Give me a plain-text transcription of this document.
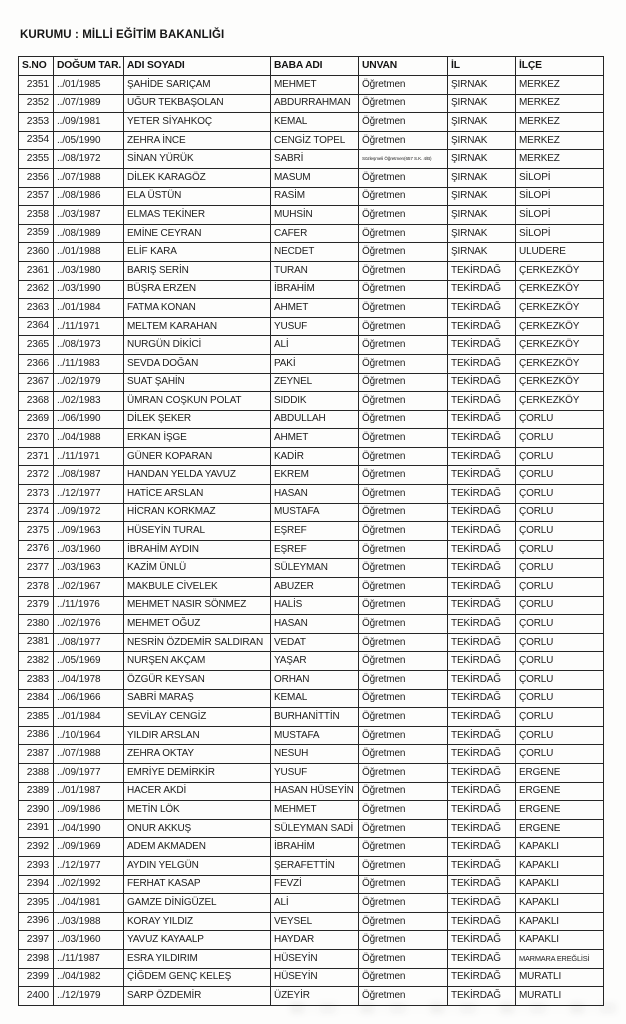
KURUMU : MİLLİ EĞİTİM BAKANLIĞI
S.NO	DOĞUM TAR.	ADI SOYADI	BABA ADI	UNVAN	İL	İLÇE
2351	../01/1985	ŞAHİDE SARIÇAM	MEHMET	Öğretmen	ŞIRNAK	MERKEZ
2352	../07/1989	UĞUR TEKBAŞOLAN	ABDURRAHMAN	Öğretmen	ŞIRNAK	MERKEZ
2353	../09/1981	YETER SİYAHKOÇ	KEMAL	Öğretmen	ŞIRNAK	MERKEZ
2354	../05/1990	ZEHRA İNCE	CENGİZ TOPEL	Öğretmen	ŞIRNAK	MERKEZ
2355	../08/1972	SİNAN YÜRÜK	SABRİ	Sözleşmeli Öğretmen(657 S.K. 4/B)	ŞIRNAK	MERKEZ
2356	../07/1988	DİLEK KARAGÖZ	MASUM	Öğretmen	ŞIRNAK	SİLOPİ
2357	../08/1986	ELA ÜSTÜN	RASİM	Öğretmen	ŞIRNAK	SİLOPİ
2358	../03/1987	ELMAS TEKİNER	MUHSİN	Öğretmen	ŞIRNAK	SİLOPİ
2359	../08/1989	EMİNE CEYRAN	CAFER	Öğretmen	ŞIRNAK	SİLOPİ
2360	../01/1988	ELİF KARA	NECDET	Öğretmen	ŞIRNAK	ULUDERE
2361	../03/1980	BARIŞ SERİN	TURAN	Öğretmen	TEKİRDAĞ	ÇERKEZKÖY
2362	../03/1990	BÜŞRA ERZEN	İBRAHİM	Öğretmen	TEKİRDAĞ	ÇERKEZKÖY
2363	../01/1984	FATMA KONAN	AHMET	Öğretmen	TEKİRDAĞ	ÇERKEZKÖY
2364	../11/1971	MELTEM KARAHAN	YUSUF	Öğretmen	TEKİRDAĞ	ÇERKEZKÖY
2365	../08/1973	NURGÜN DİKİCİ	ALİ	Öğretmen	TEKİRDAĞ	ÇERKEZKÖY
2366	../11/1983	SEVDA DOĞAN	PAKİ	Öğretmen	TEKİRDAĞ	ÇERKEZKÖY
2367	../02/1979	SUAT ŞAHİN	ZEYNEL	Öğretmen	TEKİRDAĞ	ÇERKEZKÖY
2368	../02/1983	ÜMRAN COŞKUN POLAT	SIDDIK	Öğretmen	TEKİRDAĞ	ÇERKEZKÖY
2369	../06/1990	DİLEK ŞEKER	ABDULLAH	Öğretmen	TEKİRDAĞ	ÇORLU
2370	../04/1988	ERKAN İŞGE	AHMET	Öğretmen	TEKİRDAĞ	ÇORLU
2371	../11/1971	GÜNER KOPARAN	KADİR	Öğretmen	TEKİRDAĞ	ÇORLU
2372	../08/1987	HANDAN YELDA YAVUZ	EKREM	Öğretmen	TEKİRDAĞ	ÇORLU
2373	../12/1977	HATİCE ARSLAN	HASAN	Öğretmen	TEKİRDAĞ	ÇORLU
2374	../09/1972	HİCRAN KORKMAZ	MUSTAFA	Öğretmen	TEKİRDAĞ	ÇORLU
2375	../09/1963	HÜSEYİN TURAL	EŞREF	Öğretmen	TEKİRDAĞ	ÇORLU
2376	../03/1960	İBRAHİM AYDIN	EŞREF	Öğretmen	TEKİRDAĞ	ÇORLU
2377	../03/1963	KAZİM ÜNLÜ	SÜLEYMAN	Öğretmen	TEKİRDAĞ	ÇORLU
2378	../02/1967	MAKBULE CİVELEK	ABUZER	Öğretmen	TEKİRDAĞ	ÇORLU
2379	../11/1976	MEHMET NASIR SÖNMEZ	HALİS	Öğretmen	TEKİRDAĞ	ÇORLU
2380	../02/1976	MEHMET OĞUZ	HASAN	Öğretmen	TEKİRDAĞ	ÇORLU
2381	../08/1977	NESRİN ÖZDEMİR SALDIRAN	VEDAT	Öğretmen	TEKİRDAĞ	ÇORLU
2382	../05/1969	NURŞEN AKÇAM	YAŞAR	Öğretmen	TEKİRDAĞ	ÇORLU
2383	../04/1978	ÖZGÜR KEYSAN	ORHAN	Öğretmen	TEKİRDAĞ	ÇORLU
2384	../06/1966	SABRİ MARAŞ	KEMAL	Öğretmen	TEKİRDAĞ	ÇORLU
2385	../01/1984	SEVİLAY CENGİZ	BURHANİTTİN	Öğretmen	TEKİRDAĞ	ÇORLU
2386	../10/1964	YILDIR ARSLAN	MUSTAFA	Öğretmen	TEKİRDAĞ	ÇORLU
2387	../07/1988	ZEHRA OKTAY	NESUH	Öğretmen	TEKİRDAĞ	ÇORLU
2388	../09/1977	EMRİYE DEMİRKİR	YUSUF	Öğretmen	TEKİRDAĞ	ERGENE
2389	../01/1987	HACER AKDİ	HASAN HÜSEYİN	Öğretmen	TEKİRDAĞ	ERGENE
2390	../09/1986	METİN LÖK	MEHMET	Öğretmen	TEKİRDAĞ	ERGENE
2391	../04/1990	ONUR AKKUŞ	SÜLEYMAN SADİ	Öğretmen	TEKİRDAĞ	ERGENE
2392	../09/1969	ADEM AKMADEN	İBRAHİM	Öğretmen	TEKİRDAĞ	KAPAKLI
2393	../12/1977	AYDIN YELGÜN	ŞERAFETTİN	Öğretmen	TEKİRDAĞ	KAPAKLI
2394	../02/1992	FERHAT KASAP	FEVZİ	Öğretmen	TEKİRDAĞ	KAPAKLI
2395	../04/1981	GAMZE DİNİGÜZEL	ALİ	Öğretmen	TEKİRDAĞ	KAPAKLI
2396	../03/1988	KORAY YILDIZ	VEYSEL	Öğretmen	TEKİRDAĞ	KAPAKLI
2397	../03/1960	YAVUZ KAYAALP	HAYDAR	Öğretmen	TEKİRDAĞ	KAPAKLI
2398	../11/1987	ESRA YILDIRIM	HÜSEYİN	Öğretmen	TEKİRDAĞ	MARMARA EREĞLİSİ
2399	../04/1982	ÇİĞDEM GENÇ KELEŞ	HÜSEYİN	Öğretmen	TEKİRDAĞ	MURATLI
2400	../12/1979	SARP ÖZDEMİR	ÜZEYİR	Öğretmen	TEKİRDAĞ	MURATLI
